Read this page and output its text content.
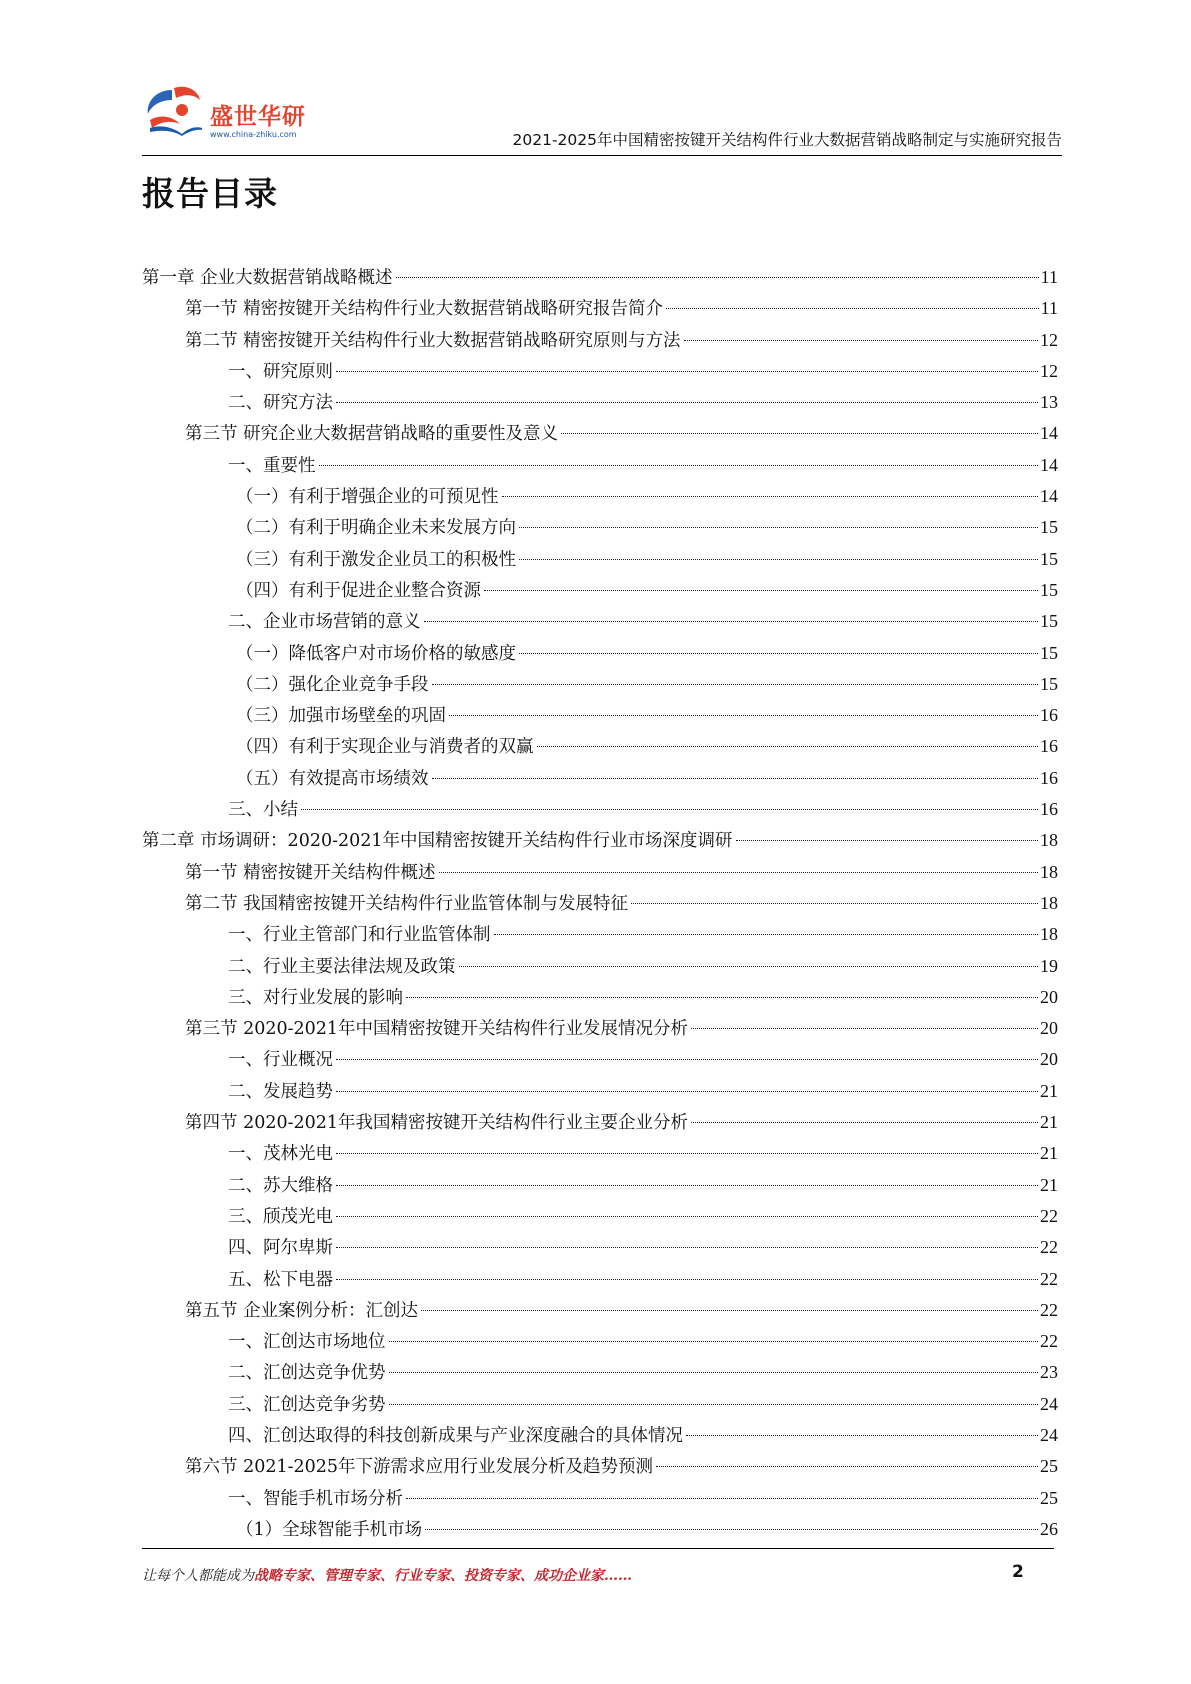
盛世华研
www.china-zhiku.com	2021-2025年中国精密按键开关结构件行业大数据营销战略制定与实施研究报告
报告目录
第一章 企业大数据营销战略概述	11
第一节 精密按键开关结构件行业大数据营销战略研究报告简介	11
第二节 精密按键开关结构件行业大数据营销战略研究原则与方法	12
一、研究原则	12
二、研究方法	13
第三节 研究企业大数据营销战略的重要性及意义	14
一、重要性	14
（一）有利于增强企业的可预见性	14
（二）有利于明确企业未来发展方向	15
（三）有利于激发企业员工的积极性	15
（四）有利于促进企业整合资源	15
二、企业市场营销的意义	15
（一）降低客户对市场价格的敏感度	15
（二）强化企业竞争手段	15
（三）加强市场壁垒的巩固	16
（四）有利于实现企业与消费者的双赢	16
（五）有效提高市场绩效	16
三、小结	16
第二章 市场调研：2020-2021年中国精密按键开关结构件行业市场深度调研	18
第一节 精密按键开关结构件概述	18
第二节 我国精密按键开关结构件行业监管体制与发展特征	18
一、行业主管部门和行业监管体制	18
二、行业主要法律法规及政策	19
三、对行业发展的影响	20
第三节 2020-2021年中国精密按键开关结构件行业发展情况分析	20
一、行业概况	20
二、发展趋势	21
第四节 2020-2021年我国精密按键开关结构件行业主要企业分析	21
一、茂林光电	21
二、苏大维格	21
三、颀茂光电	22
四、阿尔卑斯	22
五、松下电器	22
第五节 企业案例分析：汇创达	22
一、汇创达市场地位	22
二、汇创达竞争优势	23
三、汇创达竞争劣势	24
四、汇创达取得的科技创新成果与产业深度融合的具体情况	24
第六节 2021-2025年下游需求应用行业发展分析及趋势预测	25
一、智能手机市场分析	25
（1）全球智能手机市场	26
让每个人都能成为战略专家、管理专家、行业专家、投资专家、成功企业家……	2
